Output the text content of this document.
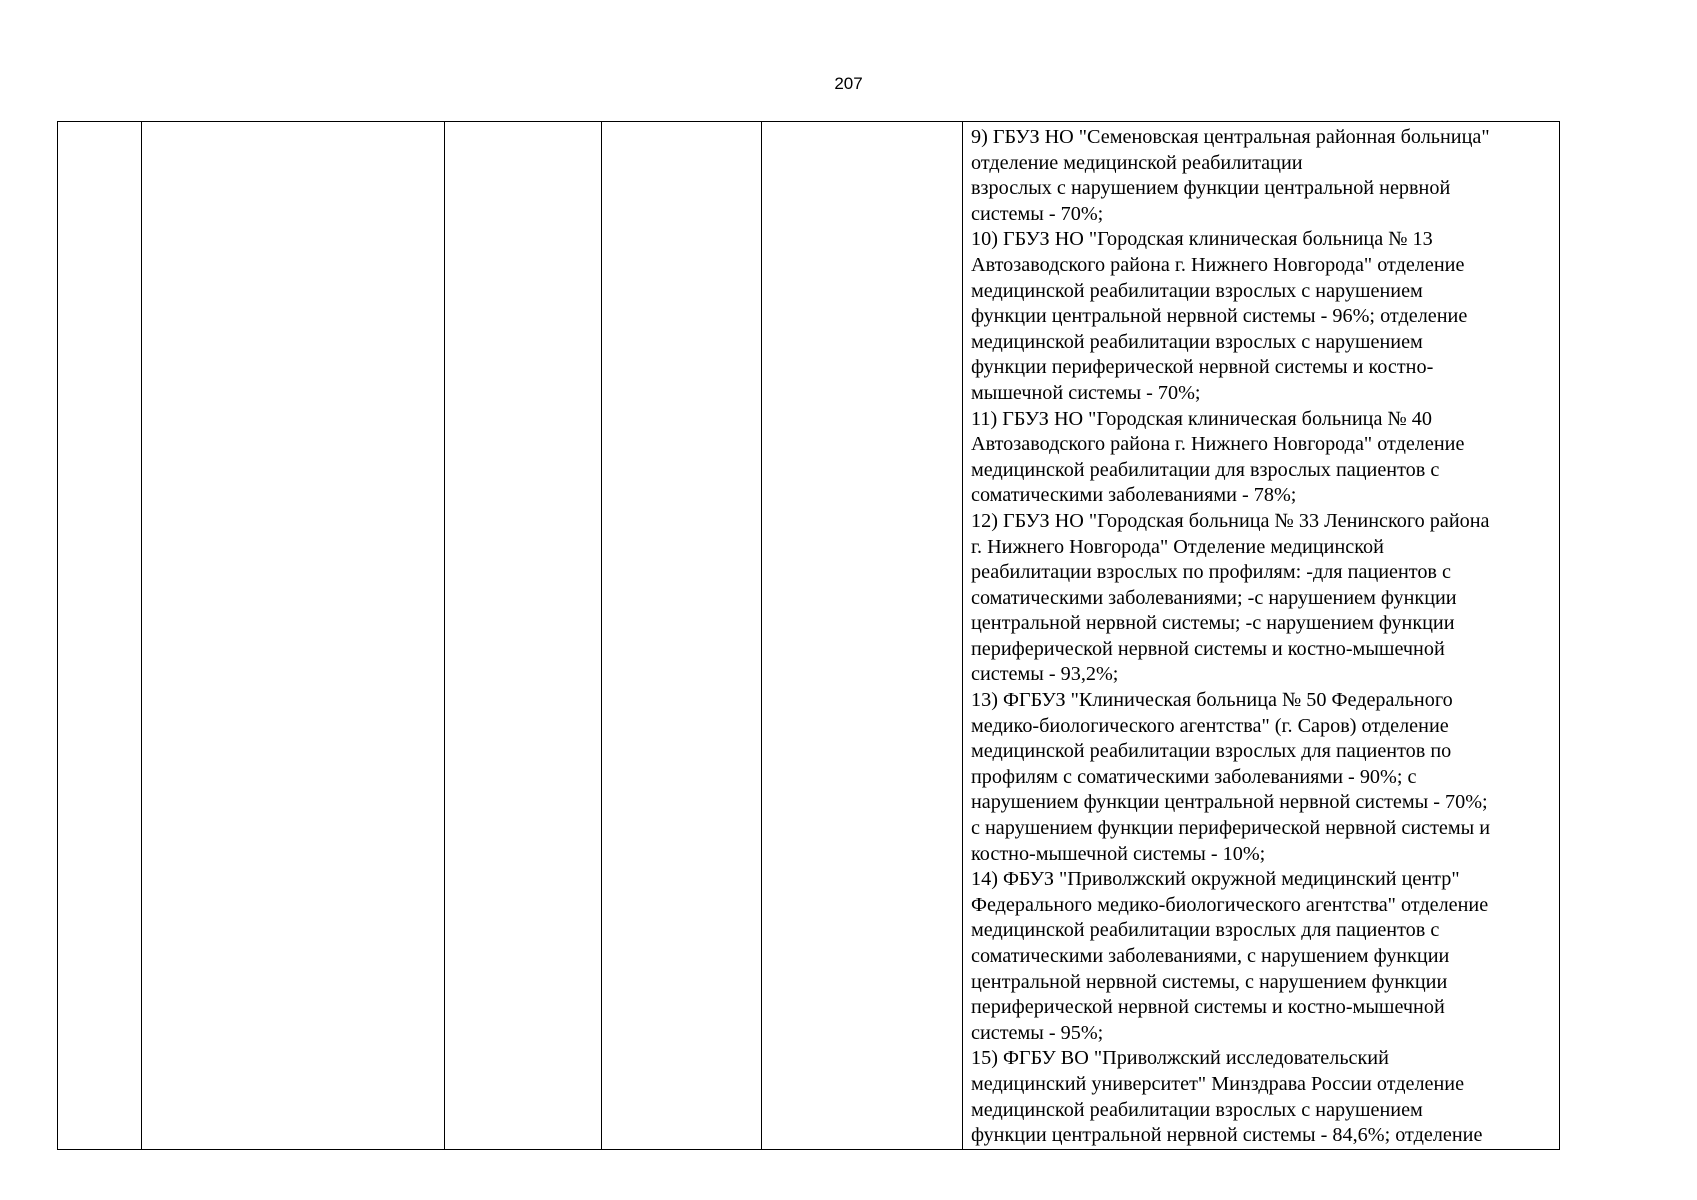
207

9) ГБУЗ НО "Семеновская центральная районная больница"
отделение медицинской реабилитации
взрослых с нарушением функции центральной нервной
системы - 70%;
10) ГБУЗ НО "Городская клиническая больница № 13
Автозаводского района г. Нижнего Новгорода" отделение
медицинской реабилитации взрослых с нарушением
функции центральной нервной системы - 96%; отделение
медицинской реабилитации взрослых с нарушением
функции периферической нервной системы и костно-
мышечной системы - 70%;
11) ГБУЗ НО "Городская клиническая больница № 40
Автозаводского района г. Нижнего Новгорода" отделение
медицинской реабилитации для взрослых пациентов с
соматическими заболеваниями - 78%;
12) ГБУЗ НО "Городская больница № 33 Ленинского района
г. Нижнего Новгорода" Отделение медицинской
реабилитации взрослых по профилям: -для пациентов с
соматическими заболеваниями; -с нарушением функции
центральной нервной системы; -с нарушением функции
периферической нервной системы и костно-мышечной
системы - 93,2%;
13) ФГБУЗ "Клиническая больница № 50 Федерального
медико-биологического агентства" (г. Саров) отделение
медицинской реабилитации взрослых для пациентов по
профилям с соматическими заболеваниями - 90%; с
нарушением функции центральной нервной системы - 70%;
с нарушением функции периферической нервной системы и
костно-мышечной системы - 10%;
14) ФБУЗ "Приволжский окружной медицинский центр"
Федерального медико-биологического агентства" отделение
медицинской реабилитации взрослых для пациентов с
соматическими заболеваниями, с нарушением функции
центральной нервной системы, с нарушением функции
периферической нервной системы и костно-мышечной
системы - 95%;
15) ФГБУ ВО "Приволжский исследовательский
медицинский университет" Минздрава России отделение
медицинской реабилитации взрослых с нарушением
функции центральной нервной системы - 84,6%; отделение
